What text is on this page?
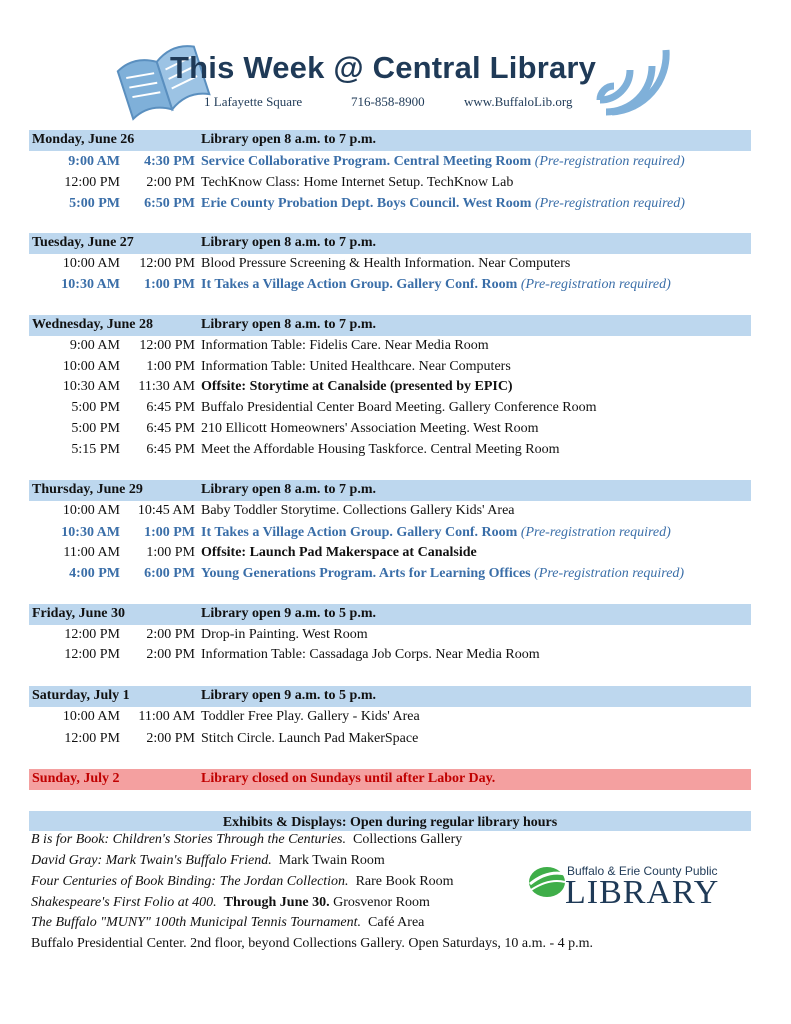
This Week @ Central Library
1 Lafayette Square	716-858-8900	www.BuffaloLib.org
Monday, June 26	Library open 8 a.m. to 7 p.m.
9:00 AM 4:30 PM Service Collaborative Program. Central Meeting Room (Pre-registration required)
12:00 PM 2:00 PM TechKnow Class: Home Internet Setup. TechKnow Lab
5:00 PM 6:50 PM Erie County Probation Dept. Boys Council. West Room (Pre-registration required)
Tuesday, June 27	Library open 8 a.m. to 7 p.m.
10:00 AM 12:00 PM Blood Pressure Screening & Health Information. Near Computers
10:30 AM 1:00 PM It Takes a Village Action Group. Gallery Conf. Room (Pre-registration required)
Wednesday, June 28	Library open 8 a.m. to 7 p.m.
9:00 AM 12:00 PM Information Table: Fidelis Care. Near Media Room
10:00 AM 1:00 PM Information Table: United Healthcare. Near Computers
10:30 AM 11:30 AM Offsite: Storytime at Canalside (presented by EPIC)
5:00 PM 6:45 PM Buffalo Presidential Center Board Meeting. Gallery Conference Room
5:00 PM 6:45 PM 210 Ellicott Homeowners' Association Meeting. West Room
5:15 PM 6:45 PM Meet the Affordable Housing Taskforce. Central Meeting Room
Thursday, June 29	Library open 8 a.m. to 7 p.m.
10:00 AM 10:45 AM Baby Toddler Storytime. Collections Gallery Kids' Area
10:30 AM 1:00 PM It Takes a Village Action Group. Gallery Conf. Room (Pre-registration required)
11:00 AM 1:00 PM Offsite: Launch Pad Makerspace at Canalside
4:00 PM 6:00 PM Young Generations Program. Arts for Learning Offices (Pre-registration required)
Friday, June 30	Library open 9 a.m. to 5 p.m.
12:00 PM 2:00 PM Drop-in Painting. West Room
12:00 PM 2:00 PM Information Table: Cassadaga Job Corps. Near Media Room
Saturday, July 1	Library open 9 a.m. to 5 p.m.
10:00 AM 11:00 AM Toddler Free Play. Gallery - Kids' Area
12:00 PM 2:00 PM Stitch Circle. Launch Pad MakerSpace
Sunday, July 2	Library closed on Sundays until after Labor Day.
Exhibits & Displays: Open during regular library hours
B is for Book: Children's Stories Through the Centuries. Collections Gallery
David Gray: Mark Twain's Buffalo Friend. Mark Twain Room
Four Centuries of Book Binding: The Jordan Collection. Rare Book Room
Shakespeare's First Folio at 400. Through June 30. Grosvenor Room
The Buffalo "MUNY" 100th Municipal Tennis Tournament. Café Area
Buffalo Presidential Center. 2nd floor, beyond Collections Gallery. Open Saturdays, 10 a.m. - 4 p.m.
Buffalo & Erie County Public
LIBRARY
